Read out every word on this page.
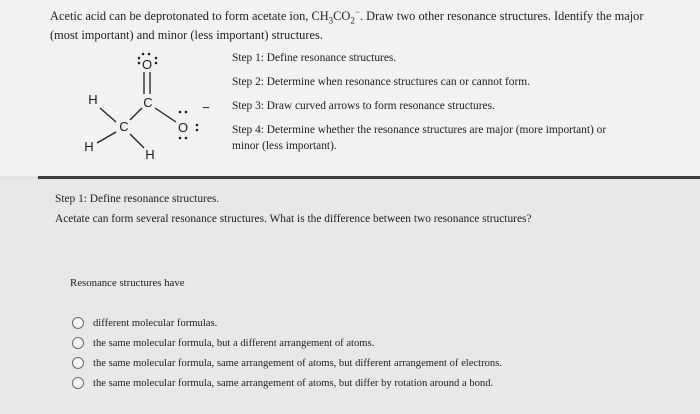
Acetic acid can be deprotonated to form acetate ion, $CH_3CO_2^-$. Draw two other resonance structures. Identify the major (most important) and minor (less important) structures.
O
C
O
−
C
H
H
H
Step 1: Define resonance structures.
Step 2: Determine when resonance structures can or cannot form.
Step 3: Draw curved arrows to form resonance structures.
Step 4: Determine whether the resonance structures are major (more important) or minor (less important).
Step 1: Define resonance structures.
Acetate can form several resonance structures. What is the difference between two resonance structures?
Resonance structures have
different molecular formulas.
the same molecular formula, but a different arrangement of atoms.
the same molecular formula, same arrangement of atoms, but different arrangement of electrons.
the same molecular formula, same arrangement of atoms, but differ by rotation around a bond.
